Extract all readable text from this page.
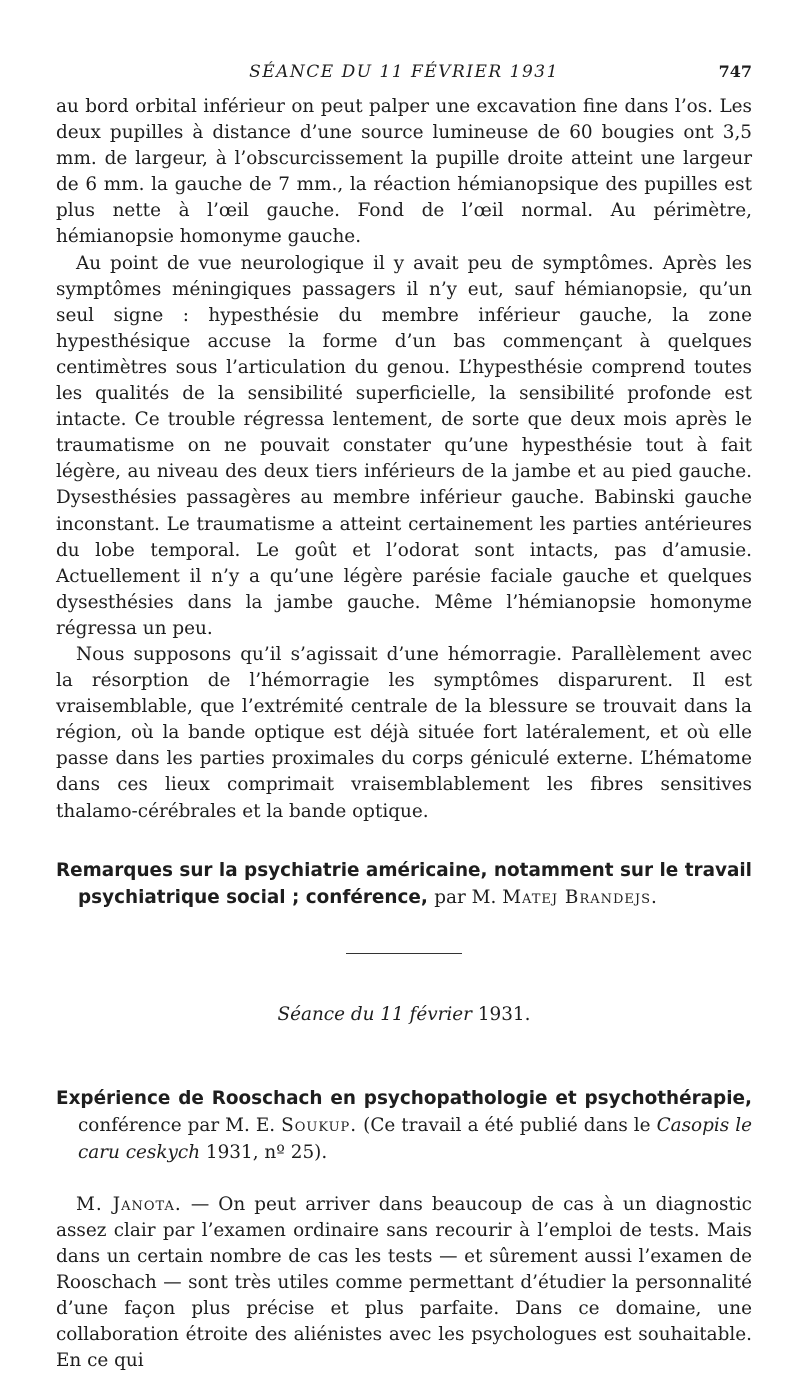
SÉANCE DU 11 FÉVRIER 1931	747

au bord orbital inférieur on peut palper une excavation fine dans l’os. Les deux pupilles à distance d’une source lumineuse de 60 bougies ont 3,5 mm. de largeur, à l’obscurcissement la pupille droite atteint une largeur de 6 mm. la gauche de 7 mm., la réaction hémianopsique des pupilles est plus nette à l’œil gauche. Fond de l’œil normal. Au périmètre, hémianopsie homonyme gauche.

Au point de vue neurologique il y avait peu de symptômes. Après les symptômes méningiques passagers il n’y eut, sauf hémianopsie, qu’un seul signe : hypesthésie du membre inférieur gauche, la zone hypesthésique accuse la forme d’un bas commençant à quelques centimètres sous l’articulation du genou. L’hypesthésie comprend toutes les qualités de la sensibilité superficielle, la sensibilité profonde est intacte. Ce trouble régressa lentement, de sorte que deux mois après le traumatisme on ne pouvait constater qu’une hypesthésie tout à fait légère, au niveau des deux tiers inférieurs de la jambe et au pied gauche. Dysesthésies passagères au membre inférieur gauche. Babinski gauche inconstant. Le traumatisme a atteint certainement les parties antérieures du lobe temporal. Le goût et l’odorat sont intacts, pas d’amusie. Actuellement il n’y a qu’une légère parésie faciale gauche et quelques dysesthésies dans la jambe gauche. Même l’hémianopsie homonyme régressa un peu.

Nous supposons qu’il s’agissait d’une hémorragie. Parallèlement avec la résorption de l’hémorragie les symptômes disparurent. Il est vraisemblable, que l’extrémité centrale de la blessure se trouvait dans la région, où la bande optique est déjà située fort latéralement, et où elle passe dans les parties proximales du corps géniculé externe. L’hématome dans ces lieux comprimait vraisemblablement les fibres sensitives thalamo-cérébrales et la bande optique.

Remarques sur la psychiatrie américaine, notamment sur le travail psychiatrique social ; conférence, par M. Matej Brandejs.

Séance du 11 février 1931.

Expérience de Rooschach en psychopathologie et psychothérapie, conférence par M. E. Soukup. (Ce travail a été publié dans le Casopis le caru ceskych 1931, nº 25).

M. Janota. — On peut arriver dans beaucoup de cas à un diagnostic assez clair par l’examen ordinaire sans recourir à l’emploi de tests. Mais dans un certain nombre de cas les tests — et sûrement aussi l’examen de Rooschach — sont très utiles comme permettant d’étudier la personnalité d’une façon plus précise et plus parfaite. Dans ce domaine, une collaboration étroite des aliénistes avec les psychologues est souhaitable. En ce qui
